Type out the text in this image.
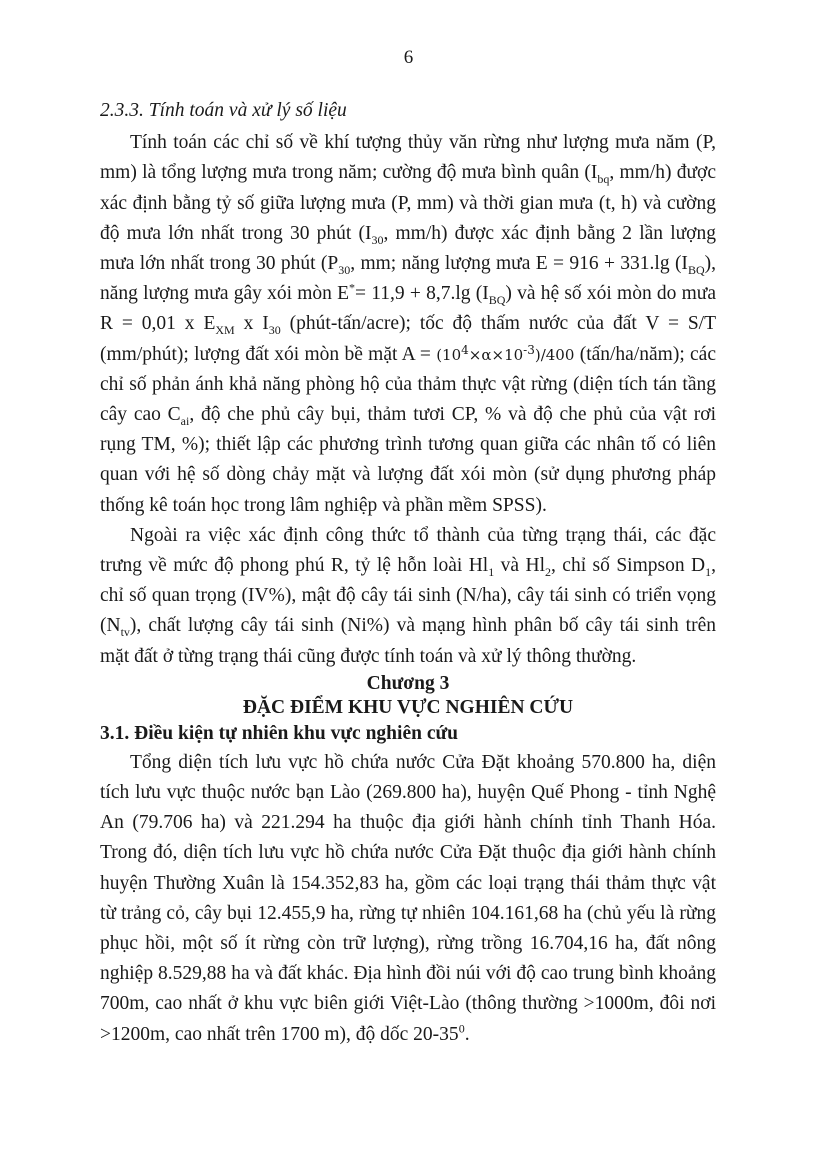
6
2.3.3. Tính toán và xử lý số liệu

Tính toán các chỉ số về khí tượng thủy văn rừng như lượng mưa năm (P, mm) là tổng lượng mưa trong năm; cường độ mưa bình quân ($I_{bq}$, mm/h) được xác định bằng tỷ số giữa lượng mưa (P, mm) và thời gian mưa (t, h) và cường độ mưa lớn nhất trong 30 phút ($I_{30}$, mm/h) được xác định bằng 2 lần lượng mưa lớn nhất trong 30 phút ($P_{30}$, mm; năng lượng mưa E = 916 + 331.lg $(I_{BQ})$, năng lượng mưa gây xói mòn E*= 11,9 + 8,7.lg $(I_{BQ})$ và hệ số xói mòn do mưa R = 0,01 x $E_{XM}$ x $I_{30}$ (phút-tấn/acre); tốc độ thấm nước của đất V = S/T (mm/phút); lượng đất xói mòn bề mặt $A = (10^4\times\alpha\times 10^{-3})/400$ (tấn/ha/năm); các chỉ số phản ánh khả năng phòng hộ của thảm thực vật rừng (diện tích tán tầng cây cao $C_{ai}$, độ che phủ cây bụi, thảm tươi CP, % và độ che phủ của vật rơi rụng TM, %); thiết lập các phương trình tương quan giữa các nhân tố có liên quan với hệ số dòng chảy mặt và lượng đất xói mòn (sử dụng phương pháp thống kê toán học trong lâm nghiệp và phần mềm SPSS).

Ngoài ra việc xác định công thức tổ thành của từng trạng thái, các đặc trưng về mức độ phong phú R, tỷ lệ hỗn loài $Hl_1$ và $Hl_2$, chỉ số Simpson $D_1$, chỉ số quan trọng (IV%), mật độ cây tái sinh (N/ha), cây tái sinh có triển vọng $(N_{tv})$, chất lượng cây tái sinh (Ni%) và mạng hình phân bố cây tái sinh trên mặt đất ở từng trạng thái cũng được tính toán và xử lý thông thường.

Chương 3
ĐẶC ĐIỂM KHU VỰC NGHIÊN CỨU
3.1. Điều kiện tự nhiên khu vực nghiên cứu

Tổng diện tích lưu vực hồ chứa nước Cửa Đặt khoảng 570.800 ha, diện tích lưu vực thuộc nước bạn Lào (269.800 ha), huyện Quế Phong - tỉnh Nghệ An (79.706 ha) và 221.294 ha thuộc địa giới hành chính tỉnh Thanh Hóa. Trong đó, diện tích lưu vực hồ chứa nước Cửa Đặt thuộc địa giới hành chính huyện Thường Xuân là 154.352,83 ha, gồm các loại trạng thái thảm thực vật từ trảng cỏ, cây bụi 12.455,9 ha, rừng tự nhiên 104.161,68 ha (chủ yếu là rừng phục hồi, một số ít rừng còn trữ lượng), rừng trồng 16.704,16 ha, đất nông nghiệp 8.529,88 ha và đất khác. Địa hình đồi núi với độ cao trung bình khoảng 700m, cao nhất ở khu vực biên giới Việt-Lào (thông thường >1000m, đôi nơi >1200m, cao nhất trên 1700 m), độ dốc $20-35^0$.
